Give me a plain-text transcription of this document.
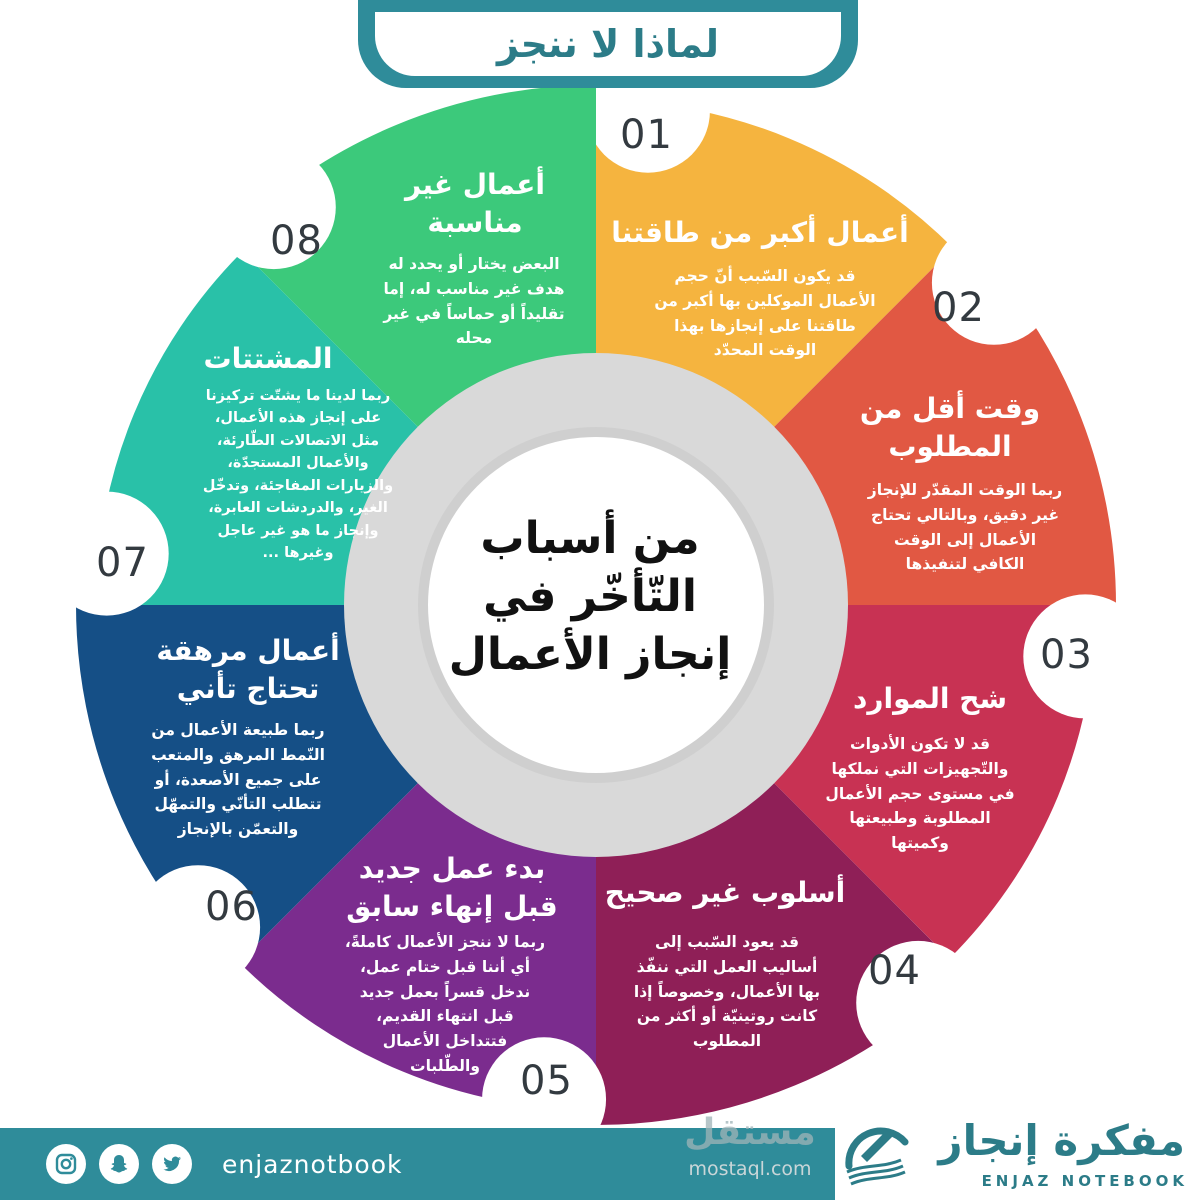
لماذا لا ننجز
من أسباب
التّأخّر في
إنجاز الأعمال
01
أعمال أكبر من طاقتنا
قد يكون السّبب أنّ حجم
الأعمال الموكلين بها أكبر من
طاقتنا على إنجازها بهذا
الوقت المحدّد
02
وقت أقل من
المطلوب
ربما الوقت المقدّر للإنجاز
غير دقيق، وبالتالي تحتاج
الأعمال إلى الوقت
الكافي لتنفيذها
03
شح الموارد
قد لا تكون الأدوات
والتّجهيزات التي نملكها
في مستوى حجم الأعمال
المطلوبة وطبيعتها
وكميتها
04
أسلوب غير صحيح
قد يعود السّبب إلى
أساليب العمل التي ننفّذ
بها الأعمال، وخصوصاً إذا
كانت روتينيّة أو أكثر من
المطلوب
05
بدء عمل جديد
قبل إنهاء سابق
ربما لا ننجز الأعمال كاملةً،
أي أننا قبل ختام عمل،
ندخل قسراً بعمل جديد
قبل انتهاء القديم،
فتتداخل الأعمال
والطّلبات
06
أعمال مرهقة
تحتاج تأني
ربما طبيعة الأعمال من
النّمط المرهق والمتعب
على جميع الأصعدة، أو
تتطلب التأنّي والتمهّل
والتعمّن بالإنجاز
07
المشتتات
ربما لدينا ما يشتّت تركيزنا
على إنجاز هذه الأعمال،
مثل الاتصالات الطّارئة،
والأعمال المستجدّة،
والزيارات المفاجئة، وتدخّل
الغير، والدردشات العابرة،
وإنجاز ما هو غير عاجل
وغيرها ...
08
أعمال غير
مناسبة
البعض يختار أو يحدد له
هدف غير مناسب له، إما
تقليداً أو حماساً في غير
محله
enjaznotbook
مستقل
mostaql.com
مفكرة إنجاز
ENJAZ NOTEBOOK
